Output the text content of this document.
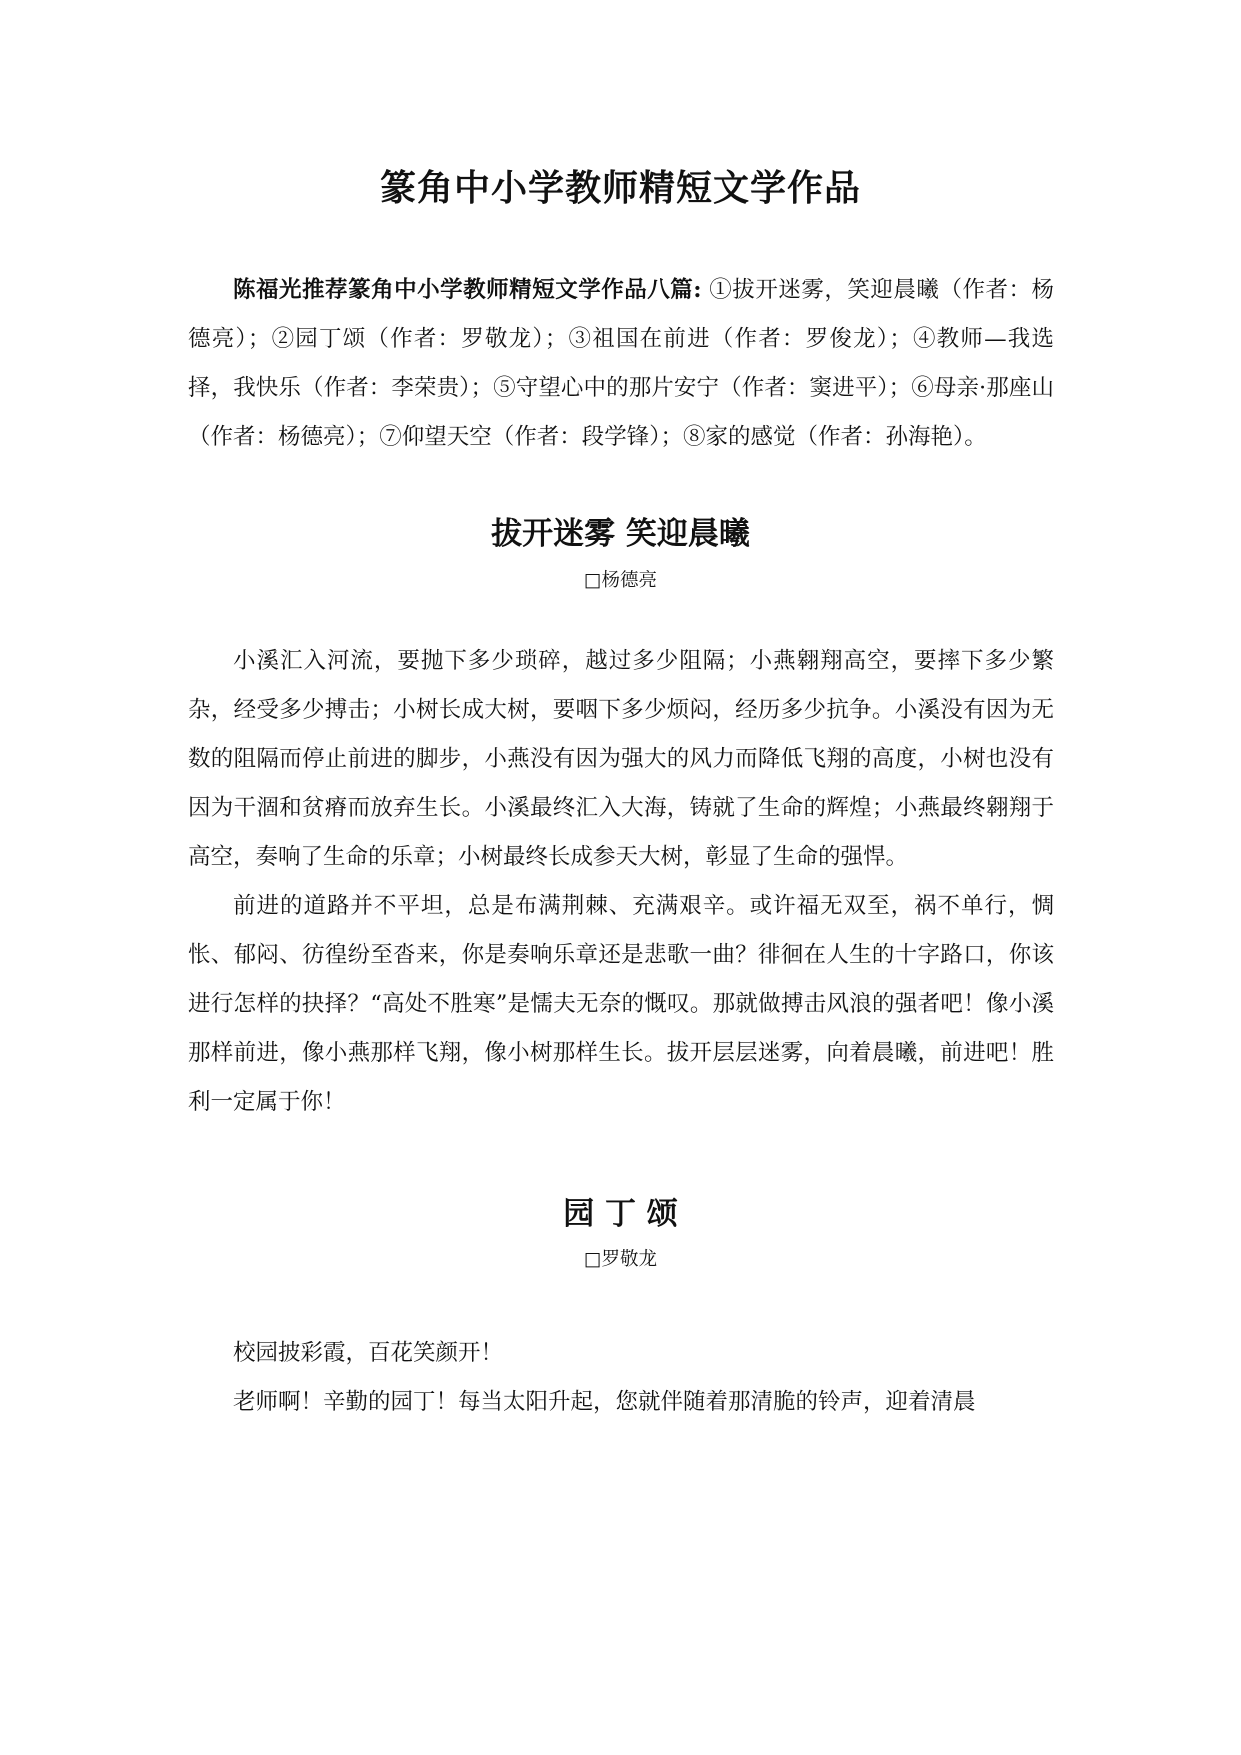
篆角中小学教师精短文学作品

陈福光推荐篆角中小学教师精短文学作品八篇: ①拔开迷雾，笑迎晨曦（作者：杨德亮）；②园丁颂（作者：罗敬龙）；③祖国在前进（作者：罗俊龙）；④教师—我选择，我快乐（作者：李荣贵）；⑤守望心中的那片安宁（作者：窦进平）；⑥母亲·那座山（作者：杨德亮）；⑦仰望天空（作者：段学锋）；⑧家的感觉（作者：孙海艳）。

拔开迷雾 笑迎晨曦
□杨德亮

小溪汇入河流，要抛下多少琐碎，越过多少阻隔；小燕翱翔高空，要摔下多少繁杂，经受多少搏击；小树长成大树，要咽下多少烦闷，经历多少抗争。小溪没有因为无数的阻隔而停止前进的脚步，小燕没有因为强大的风力而降低飞翔的高度，小树也没有因为干涸和贫瘠而放弃生长。小溪最终汇入大海，铸就了生命的辉煌；小燕最终翱翔于高空，奏响了生命的乐章；小树最终长成参天大树，彰显了生命的强悍。

前进的道路并不平坦，总是布满荆棘、充满艰辛。或许福无双至，祸不单行，惆怅、郁闷、彷徨纷至沓来，你是奏响乐章还是悲歌一曲？徘徊在人生的十字路口，你该进行怎样的抉择？“高处不胜寒”是懦夫无奈的慨叹。那就做搏击风浪的强者吧！像小溪那样前进，像小燕那样飞翔，像小树那样生长。拔开层层迷雾，向着晨曦，前进吧！胜利一定属于你！

园 丁 颂
□罗敬龙

校园披彩霞，百花笑颜开！

老师啊！辛勤的园丁！每当太阳升起，您就伴随着那清脆的铃声，迎着清晨
